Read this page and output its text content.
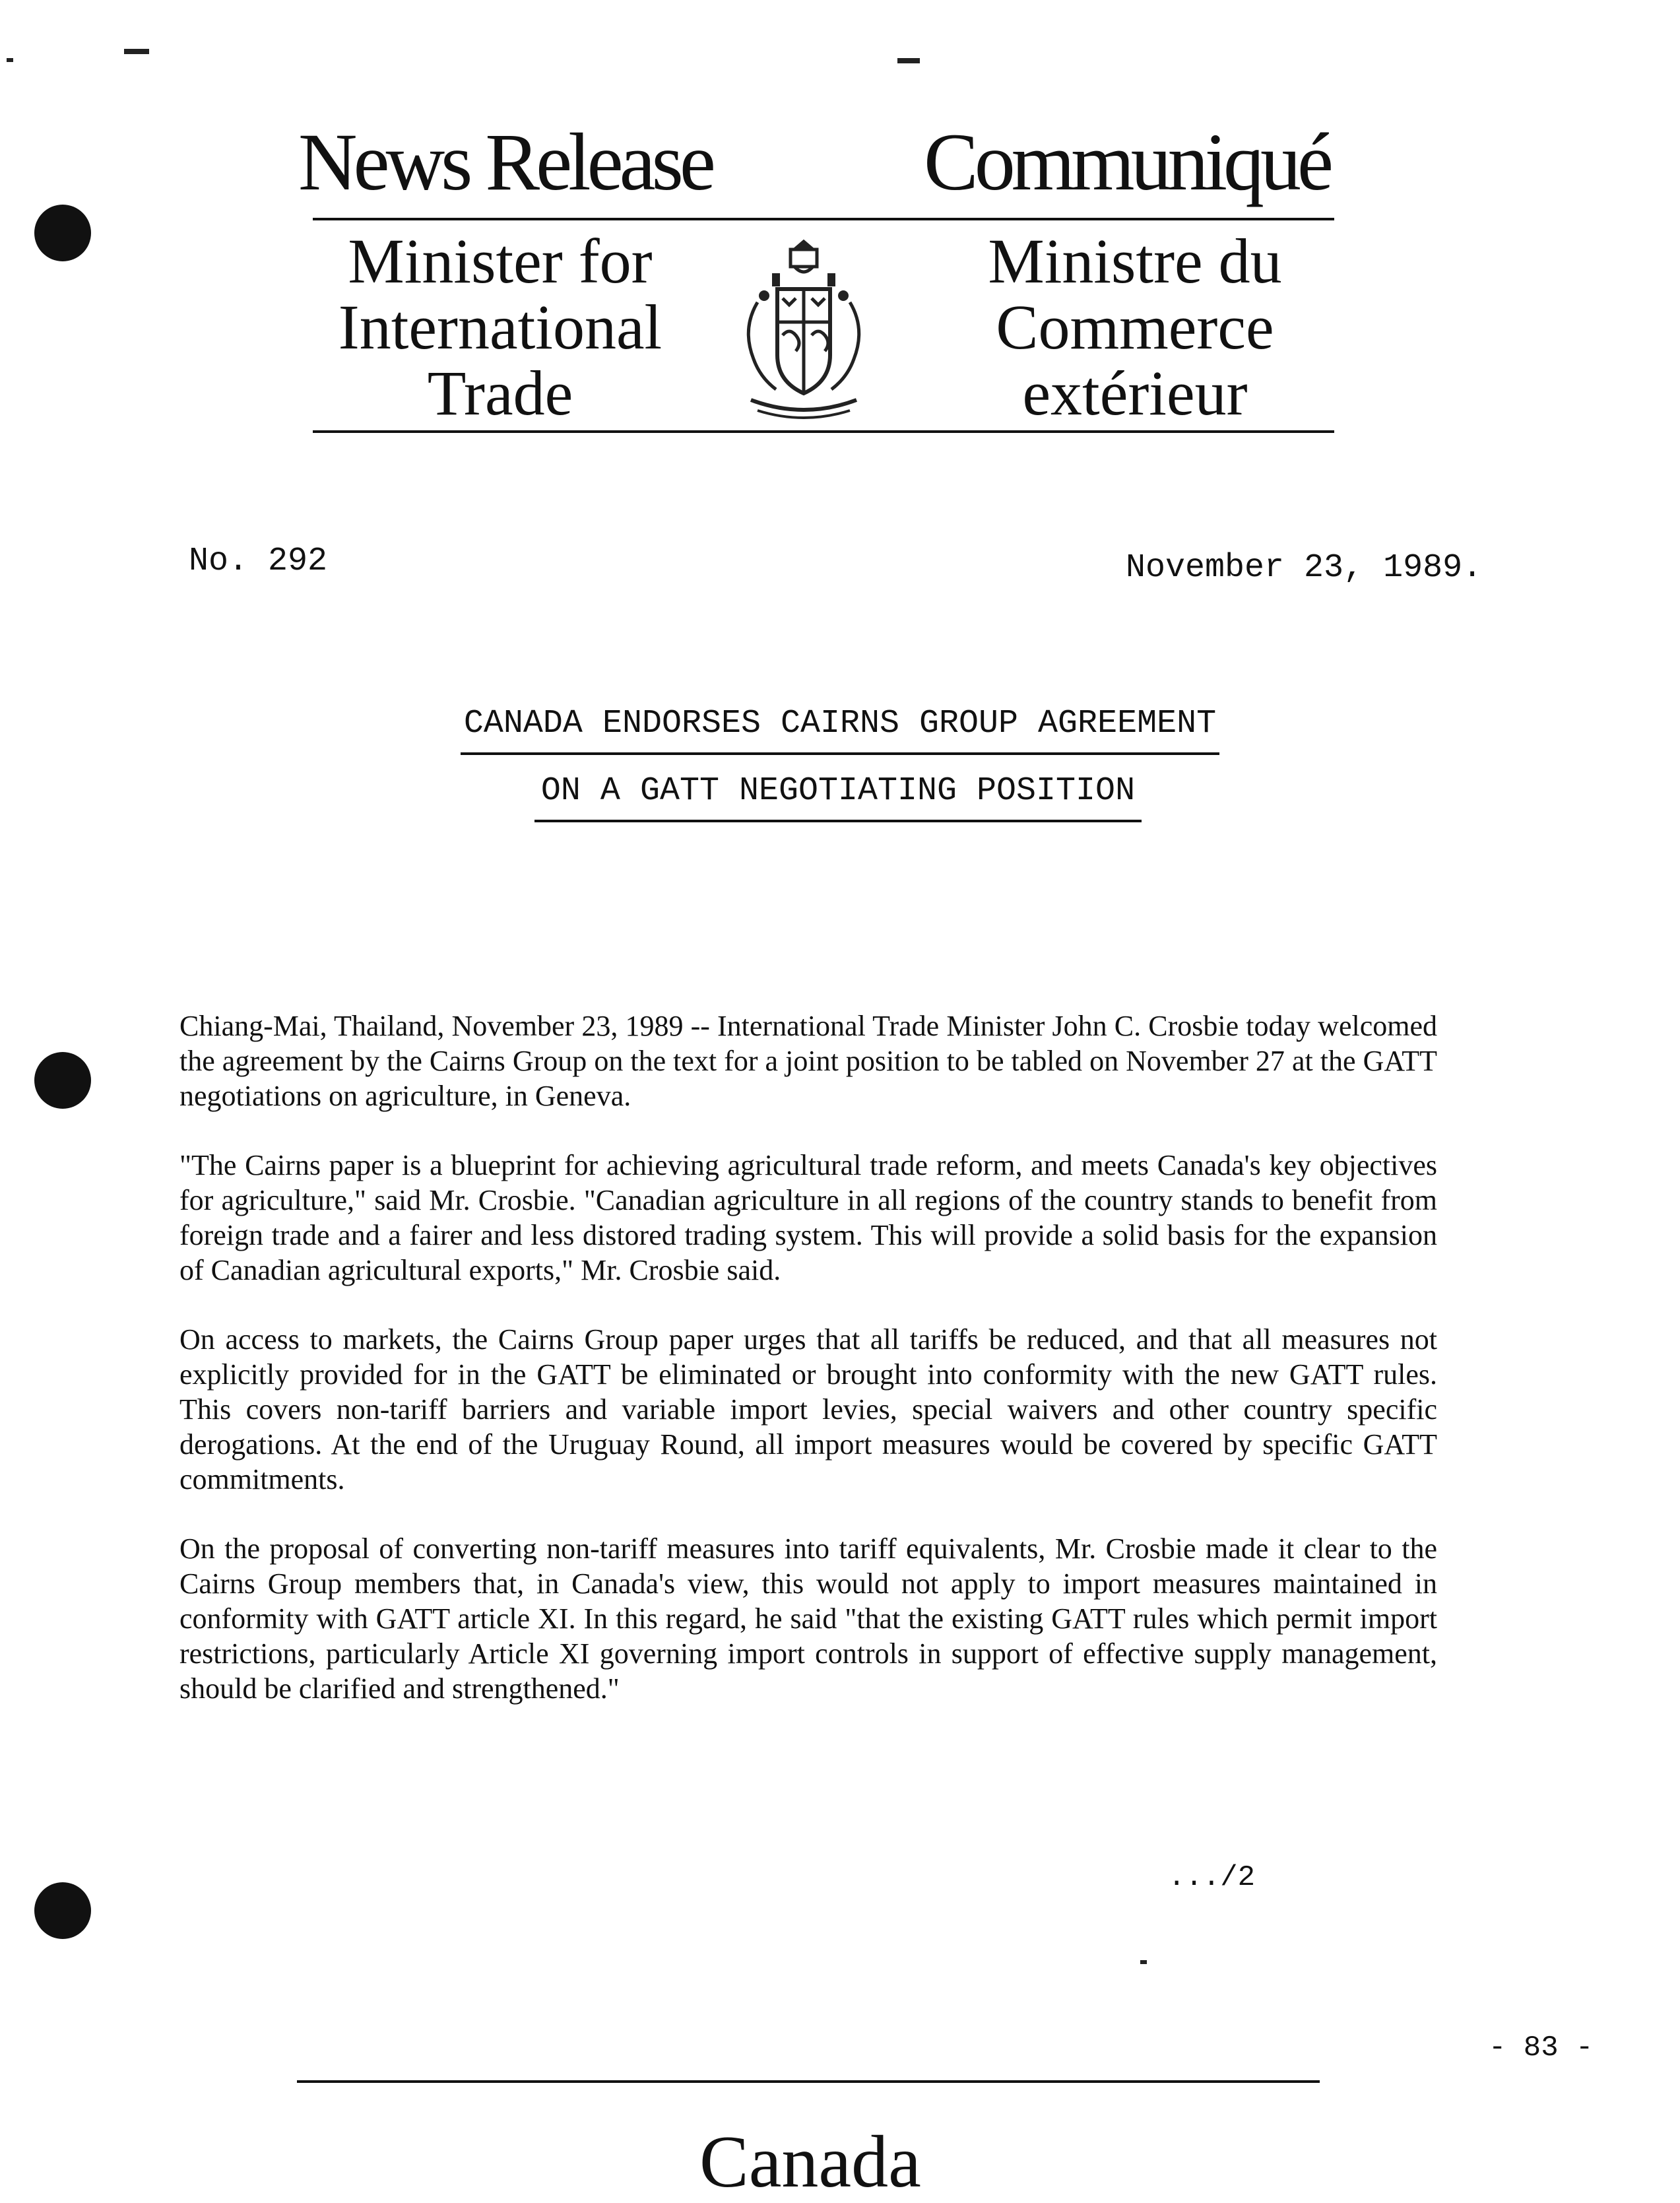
News Release	Communiqué
Minister for
International
Trade
Ministre du
Commerce
extérieur
No. 292	November 23, 1989.
CANADA ENDORSES CAIRNS GROUP AGREEMENT
ON A GATT NEGOTIATING POSITION

Chiang-Mai, Thailand, November 23, 1989 -- International Trade Minister John C. Crosbie today welcomed the agreement by the Cairns Group on the text for a joint position to be tabled on November 27 at the GATT negotiations on agriculture, in Geneva.

"The Cairns paper is a blueprint for achieving agricultural trade reform, and meets Canada's key objectives for agriculture," said Mr. Crosbie. "Canadian agriculture in all regions of the country stands to benefit from foreign trade and a fairer and less distored trading system. This will provide a solid basis for the expansion of Canadian agricultural exports," Mr. Crosbie said.

On access to markets, the Cairns Group paper urges that all tariffs be reduced, and that all measures not explicitly provided for in the GATT be eliminated or brought into conformity with the new GATT rules. This covers non-tariff barriers and variable import levies, special waivers and other country specific derogations. At the end of the Uruguay Round, all import measures would be covered by specific GATT commitments.

On the proposal of converting non-tariff measures into tariff equivalents, Mr. Crosbie made it clear to the Cairns Group members that, in Canada's view, this would not apply to import measures maintained in conformity with GATT article XI. In this regard, he said "that the existing GATT rules which permit import restrictions, particularly Article XI governing import controls in support of effective supply management, should be clarified and strengthened."

.../2
- 83 -
Canada
